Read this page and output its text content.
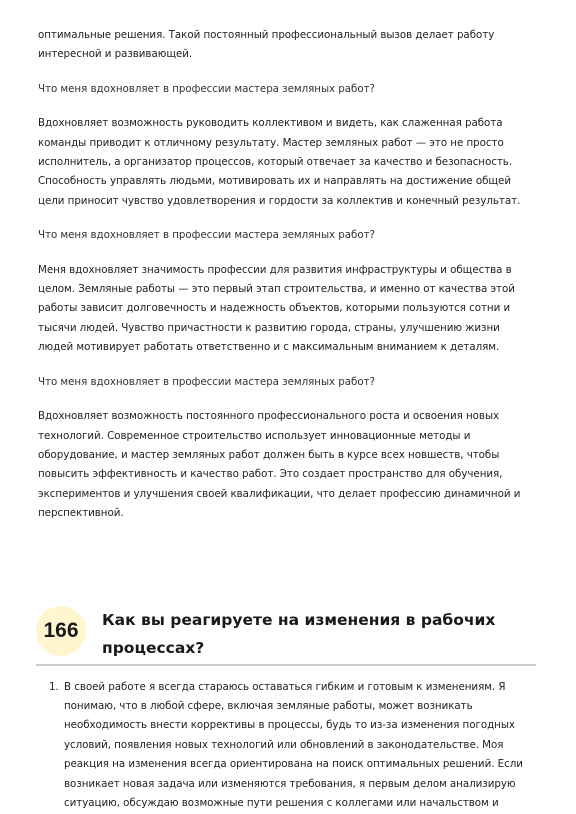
оптимальные решения. Такой постоянный профессиональный вызов делает работу интересной и развивающей.

Что меня вдохновляет в профессии мастера земляных работ?

Вдохновляет возможность руководить коллективом и видеть, как слаженная работа команды приводит к отличному результату. Мастер земляных работ — это не просто исполнитель, а организатор процессов, который отвечает за качество и безопасность. Способность управлять людьми, мотивировать их и направлять на достижение общей цели приносит чувство удовлетворения и гордости за коллектив и конечный результат.

Что меня вдохновляет в профессии мастера земляных работ?

Меня вдохновляет значимость профессии для развития инфраструктуры и общества в целом. Земляные работы — это первый этап строительства, и именно от качества этой работы зависит долговечность и надежность объектов, которыми пользуются сотни и тысячи людей. Чувство причастности к развитию города, страны, улучшению жизни людей мотивирует работать ответственно и с максимальным вниманием к деталям.

Что меня вдохновляет в профессии мастера земляных работ?

Вдохновляет возможность постоянного профессионального роста и освоения новых технологий. Современное строительство использует инновационные методы и оборудование, и мастер земляных работ должен быть в курсе всех новшеств, чтобы повысить эффективность и качество работ. Это создает пространство для обучения, экспериментов и улучшения своей квалификации, что делает профессию динамичной и перспективной.

166	Как вы реагируете на изменения в рабочих процессах?
1. В своей работе я всегда стараюсь оставаться гибким и готовым к изменениям. Я понимаю, что в любой сфере, включая земляные работы, может возникать необходимость внести коррективы в процессы, будь то из-за изменения погодных условий, появления новых технологий или обновлений в законодательстве. Моя реакция на изменения всегда ориентирована на поиск оптимальных решений. Если возникает новая задача или изменяются требования, я первым делом анализирую ситуацию, обсуждаю возможные пути решения с коллегами или начальством и
